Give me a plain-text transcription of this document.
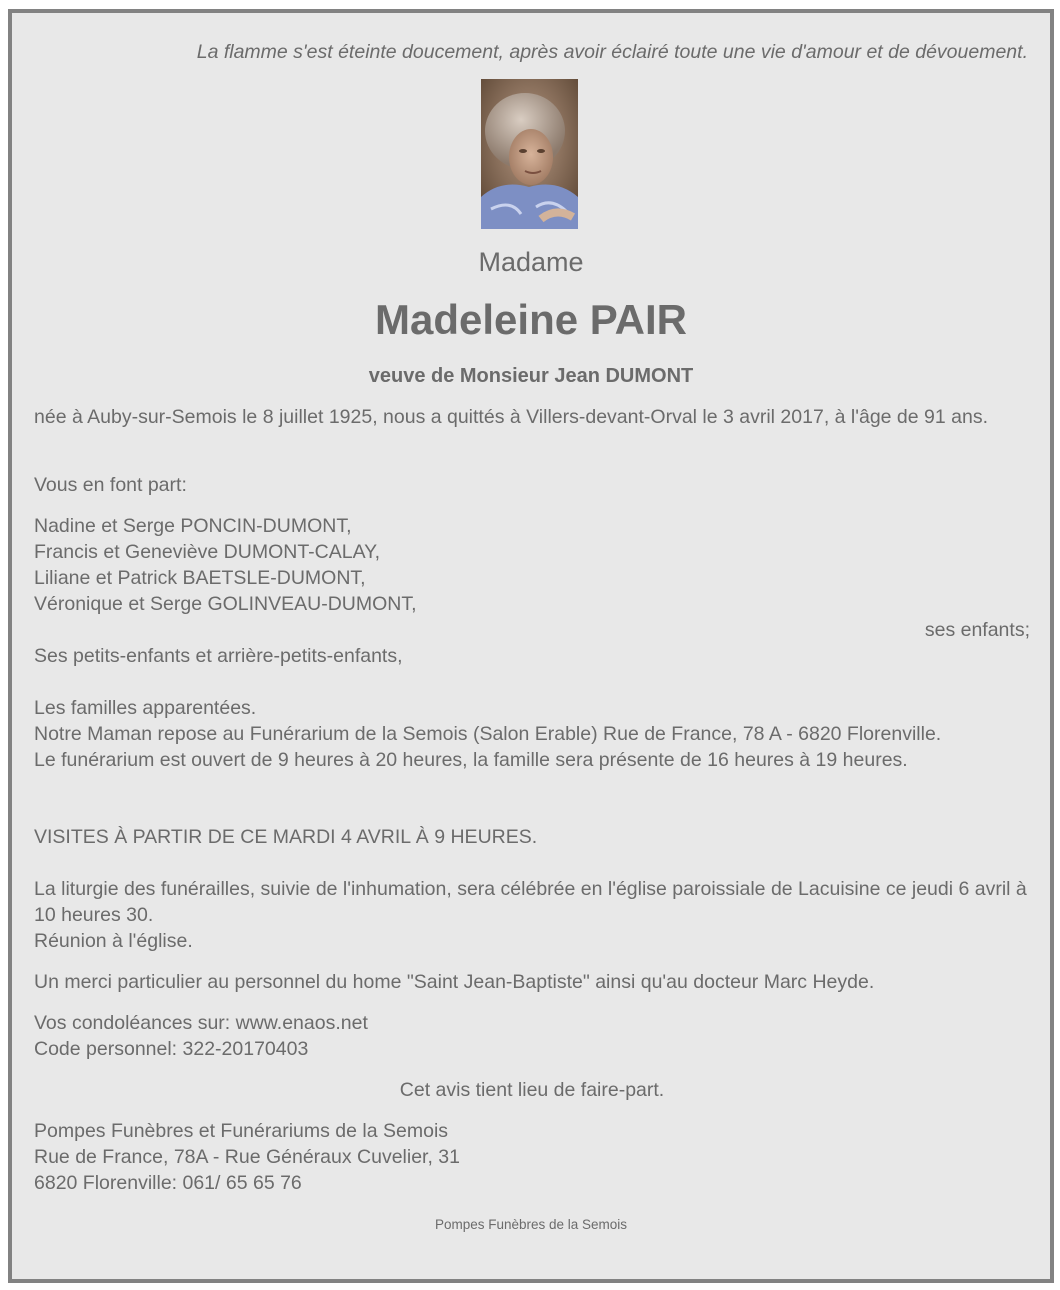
La flamme s'est éteinte doucement, après avoir éclairé toute une vie d'amour et de dévouement.
Madame
Madeleine PAIR
veuve de Monsieur Jean DUMONT

née à Auby-sur-Semois le 8 juillet 1925, nous a quittés à Villers-devant-Orval le 3 avril 2017, à l'âge de 91 ans.

Vous en font part:

Nadine et Serge PONCIN-DUMONT,
Francis et Geneviève DUMONT-CALAY,
Liliane et Patrick BAETSLE-DUMONT,
Véronique et Serge GOLINVEAU-DUMONT,
ses enfants;
Ses petits-enfants et arrière-petits-enfants,
Les familles apparentées.
Notre Maman repose au Funérarium de la Semois (Salon Erable) Rue de France, 78 A - 6820 Florenville.
Le funérarium est ouvert de 9 heures à 20 heures, la famille sera présente de 16 heures à 19 heures.

VISITES À PARTIR DE CE MARDI 4 AVRIL À 9 HEURES.

La liturgie des funérailles, suivie de l'inhumation, sera célébrée en l'église paroissiale de Lacuisine ce jeudi 6 avril à 10 heures 30.
Réunion à l'église.

Un merci particulier au personnel du home "Saint Jean-Baptiste" ainsi qu'au docteur Marc Heyde.

Vos condoléances sur: www.enaos.net
Code personnel: 322-20170403

Cet avis tient lieu de faire-part.

Pompes Funèbres et Funérariums de la Semois
Rue de France, 78A - Rue Généraux Cuvelier, 31
6820 Florenville: 061/ 65 65 76
Pompes Funèbres de la Semois
